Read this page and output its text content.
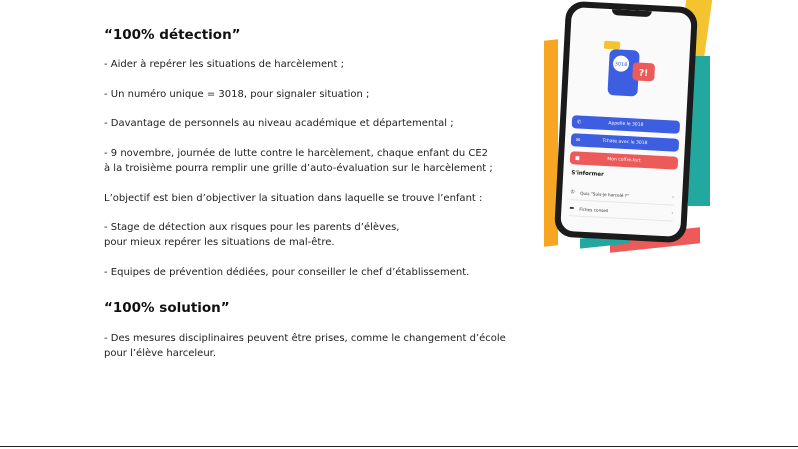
“100% détection”
- Aider à repérer les situations de harcèlement ;
- Un numéro unique = 3018, pour signaler situation ;
- Davantage de personnels au niveau académique et départemental ;
- 9 novembre, journée de lutte contre le harcèlement, chaque enfant du CE2
à la troisième pourra remplir une grille d’auto-évaluation sur le harcèlement ;
L’objectif est bien d’objectiver la situation dans laquelle se trouve l’enfant :
- Stage de détection aux risques pour les parents d’élèves,
pour mieux repérer les situations de mal-être.
- Equipes de prévention dédiées, pour conseiller le chef d’établissement.
“100% solution”
- Des mesures disciplinaires peuvent être prises, comme le changement d’école
pour l’élève harceleur.
3018
?!
✆	Appelle le 3018
✉	Tchate avec le 3018
■	Mon coffre-fort
S'informer
♔	Quiz "Suis-je harcelé ?"	›
▬	Fiches conseil
›
